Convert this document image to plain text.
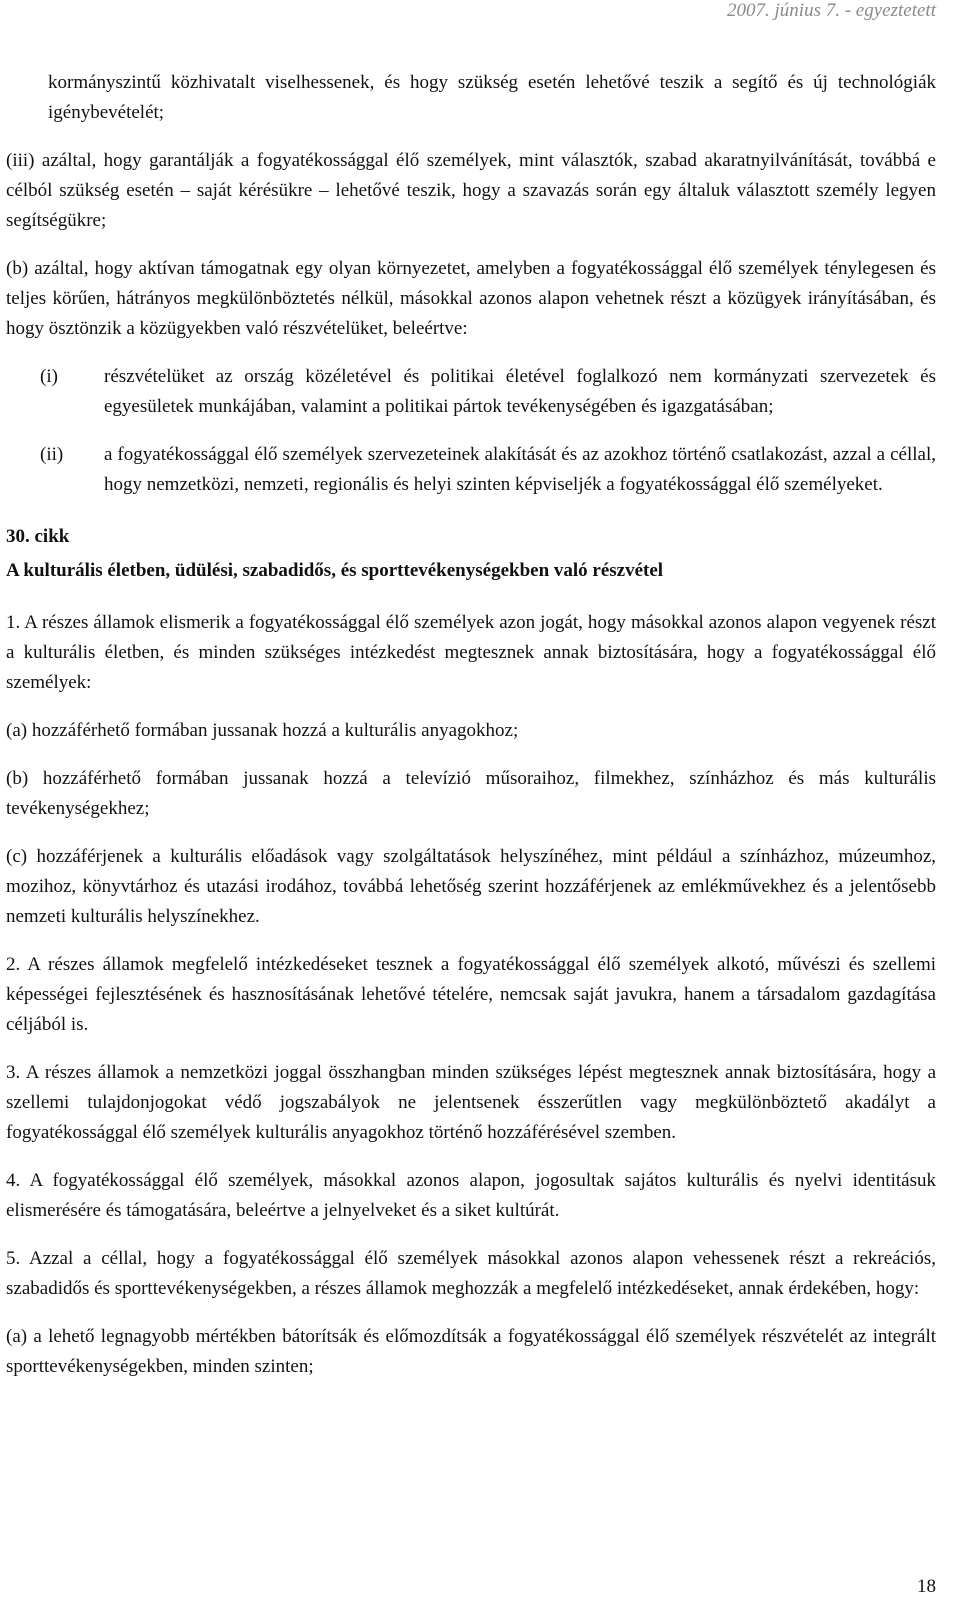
2007. június 7. - egyeztetett

kormányszintű közhivatalt viselhessenek, és hogy szükség esetén lehetővé teszik a segítő és új technológiák igénybevételét;

(iii) azáltal, hogy garantálják a fogyatékossággal élő személyek, mint választók, szabad akaratnyilvánítását, továbbá e célból szükség esetén – saját kérésükre – lehetővé teszik, hogy a szavazás során egy általuk választott személy legyen segítségükre;

(b) azáltal, hogy aktívan támogatnak egy olyan környezetet, amelyben a fogyatékossággal élő személyek ténylegesen és teljes körűen, hátrányos megkülönböztetés nélkül, másokkal azonos alapon vehetnek részt a közügyek irányításában, és hogy ösztönzik a közügyekben való részvételüket, beleértve:

(i) részvételüket az ország közéletével és politikai életével foglalkozó nem kormányzati szervezetek és egyesületek munkájában, valamint a politikai pártok tevékenységében és igazgatásában;

(ii) a fogyatékossággal élő személyek szervezeteinek alakítását és az azokhoz történő csatlakozást, azzal a céllal, hogy nemzetközi, nemzeti, regionális és helyi szinten képviseljék a fogyatékossággal élő személyeket.

30. cikk

A kulturális életben, üdülési, szabadidős, és sporttevékenységekben való részvétel

1. A részes államok elismerik a fogyatékossággal élő személyek azon jogát, hogy másokkal azonos alapon vegyenek részt a kulturális életben, és minden szükséges intézkedést megtesznek annak biztosítására, hogy a fogyatékossággal élő személyek:

(a) hozzáférhető formában jussanak hozzá a kulturális anyagokhoz;

(b) hozzáférhető formában jussanak hozzá a televízió műsoraihoz, filmekhez, színházhoz és más kulturális tevékenységekhez;

(c) hozzáférjenek a kulturális előadások vagy szolgáltatások helyszínéhez, mint például a színházhoz, múzeumhoz, mozihoz, könyvtárhoz és utazási irodához, továbbá lehetőség szerint hozzáférjenek az emlékművekhez és a jelentősebb nemzeti kulturális helyszínekhez.

2. A részes államok megfelelő intézkedéseket tesznek a fogyatékossággal élő személyek alkotó, művészi és szellemi képességei fejlesztésének és hasznosításának lehetővé tételére, nemcsak saját javukra, hanem a társadalom gazdagítása céljából is.

3. A részes államok a nemzetközi joggal összhangban minden szükséges lépést megtesznek annak biztosítására, hogy a szellemi tulajdonjogokat védő jogszabályok ne jelentsenek ésszerűtlen vagy megkülönböztető akadályt a fogyatékossággal élő személyek kulturális anyagokhoz történő hozzáférésével szemben.

4. A fogyatékossággal élő személyek, másokkal azonos alapon, jogosultak sajátos kulturális és nyelvi identitásuk elismerésére és támogatására, beleértve a jelnyelveket és a siket kultúrát.

5. Azzal a céllal, hogy a fogyatékossággal élő személyek másokkal azonos alapon vehessenek részt a rekreációs, szabadidős és sporttevékenységekben, a részes államok meghozzák a megfelelő intézkedéseket, annak érdekében, hogy:

(a) a lehető legnagyobb mértékben bátorítsák és előmozdítsák a fogyatékossággal élő személyek részvételét az integrált sporttevékenységekben, minden szinten;

18
